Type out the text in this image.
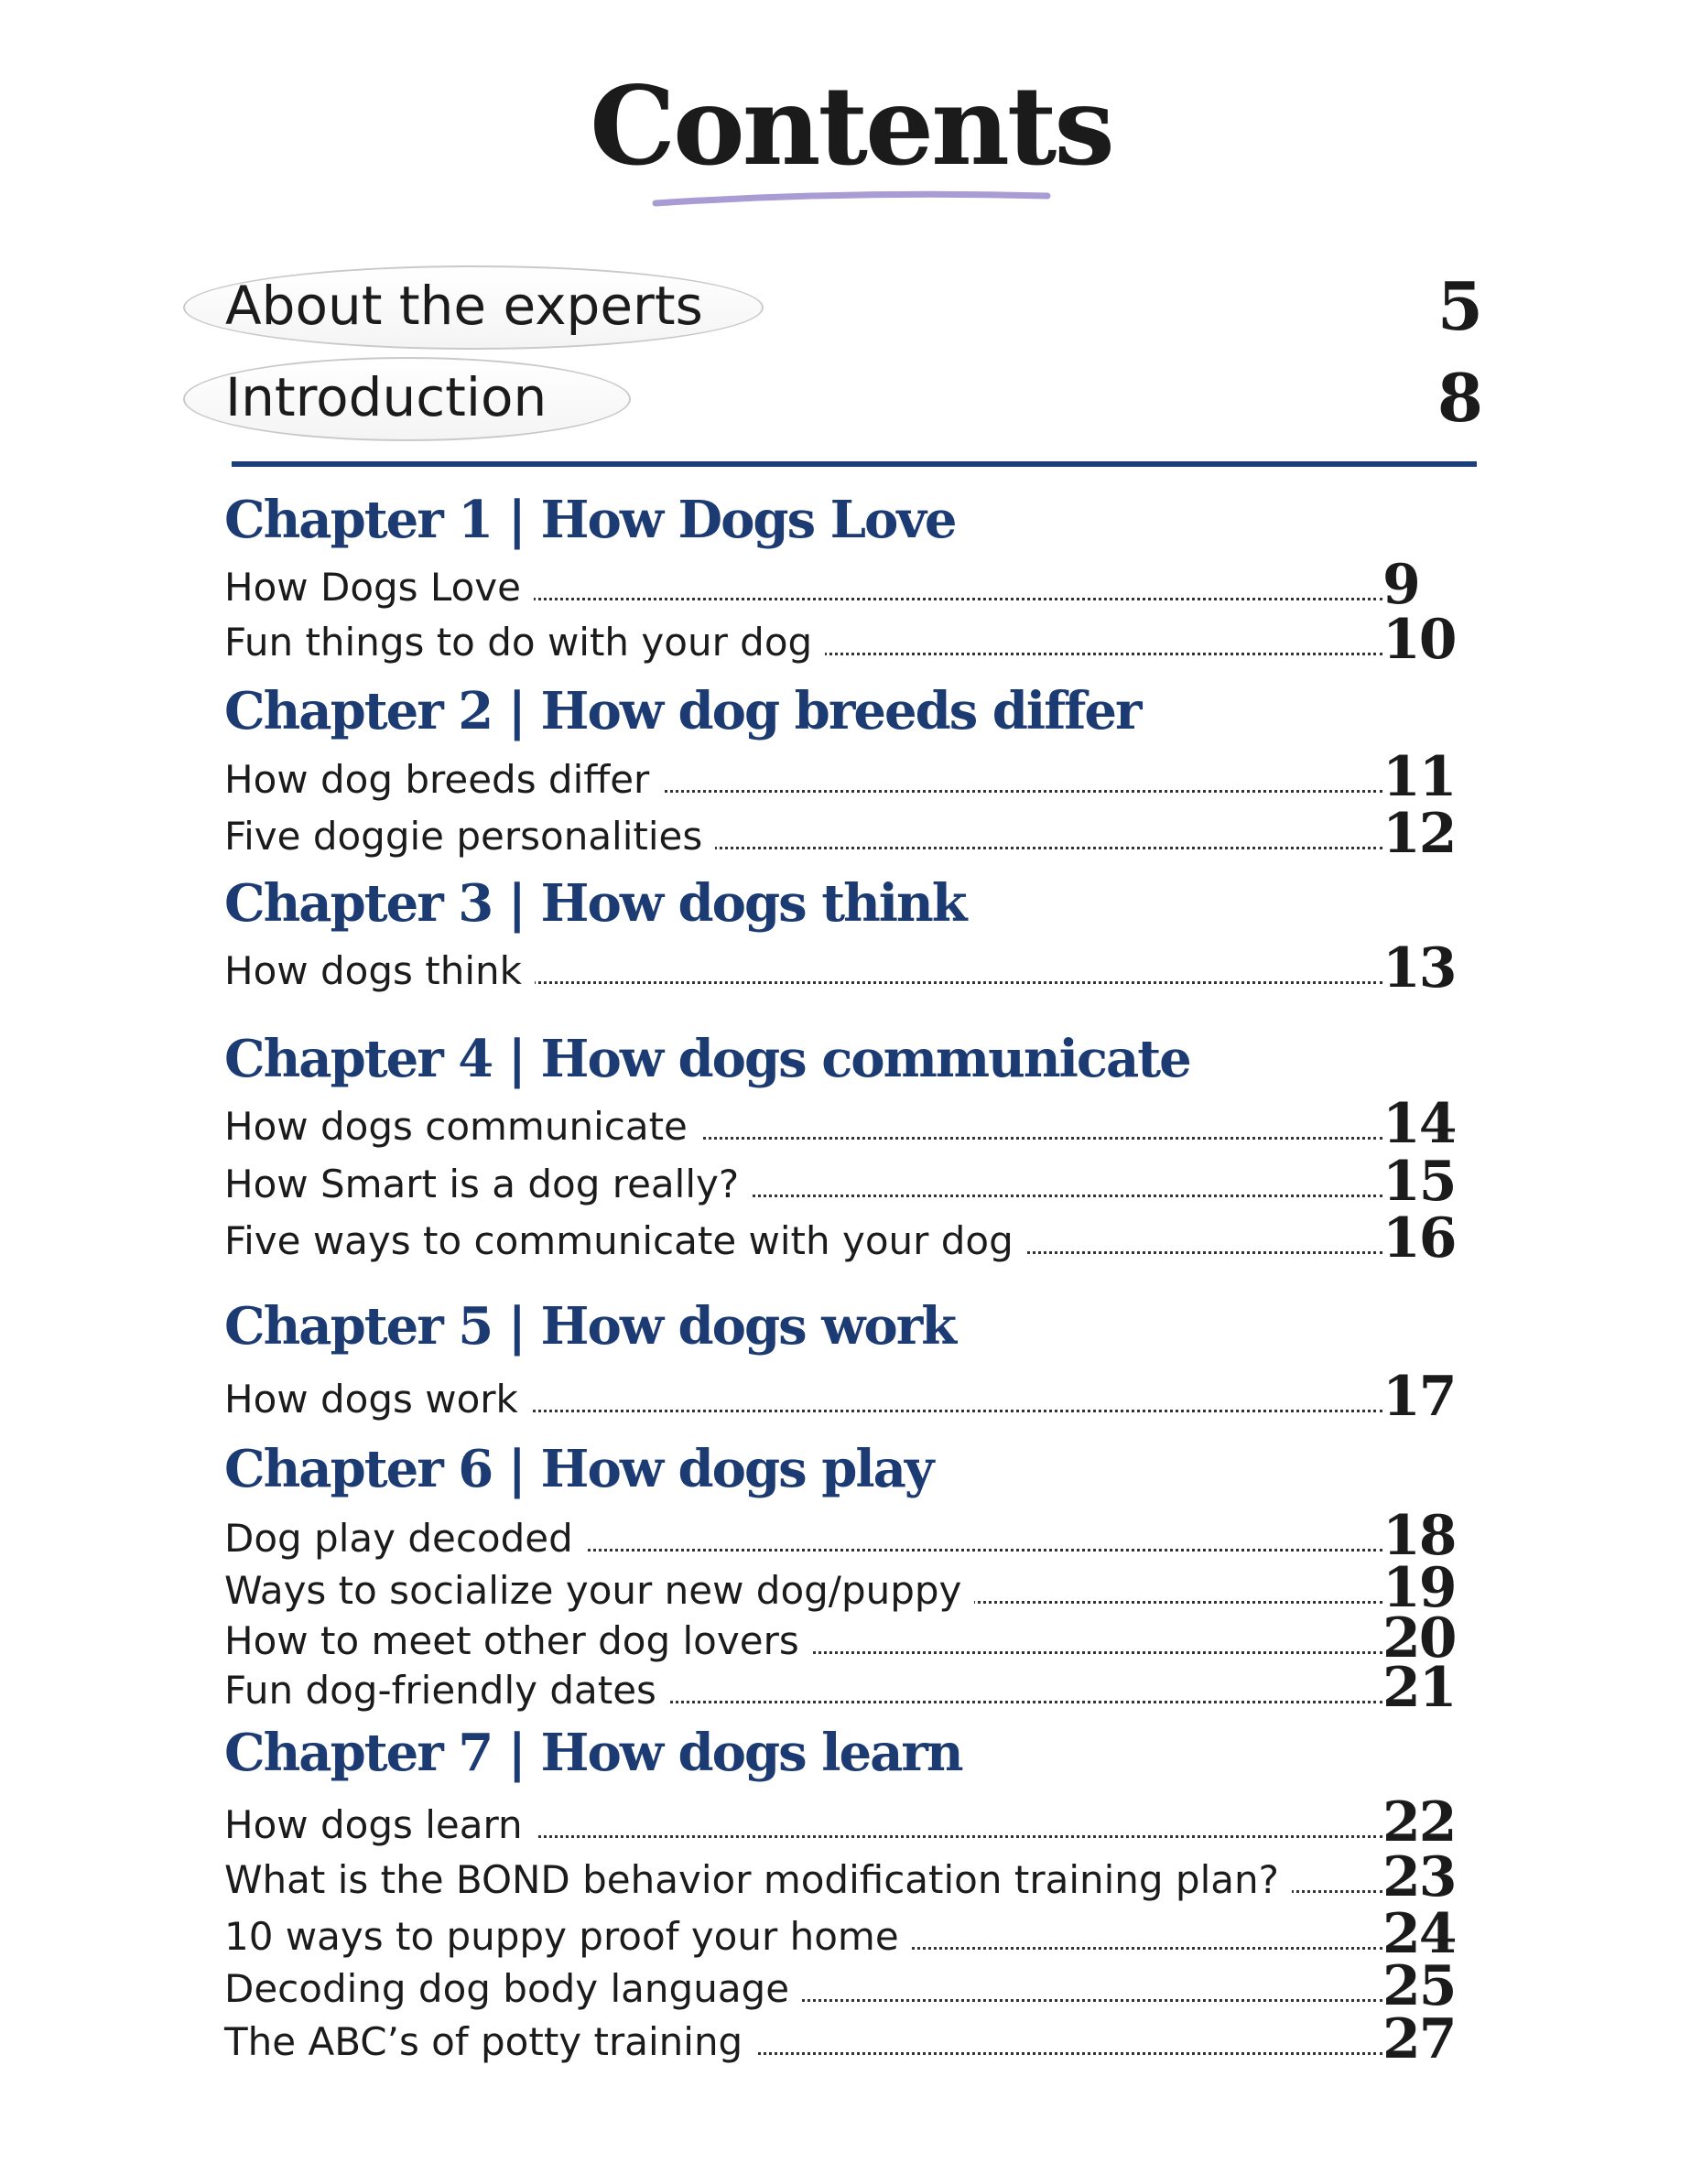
Contents
About the experts	5
Introduction	8
Chapter 1 | How Dogs Love
How Dogs Love	9
Fun things to do with your dog	10
Chapter 2 | How dog breeds differ
How dog breeds differ	11
Five doggie personalities	12
Chapter 3 | How dogs think
How dogs think	13
Chapter 4 | How dogs communicate
How dogs communicate	14
How Smart is a dog really?	15
Five ways to communicate with your dog	16
Chapter 5 | How dogs work
How dogs work	17
Chapter 6 | How dogs play
Dog play decoded	18
Ways to socialize your new dog/puppy	19
How to meet other dog lovers	20
Fun dog-friendly dates	21
Chapter 7 | How dogs learn
How dogs learn	22
What is the BOND behavior modification training plan? 23
10 ways to puppy proof your home	24
Decoding dog body language	25
The ABC’s of potty training	27
